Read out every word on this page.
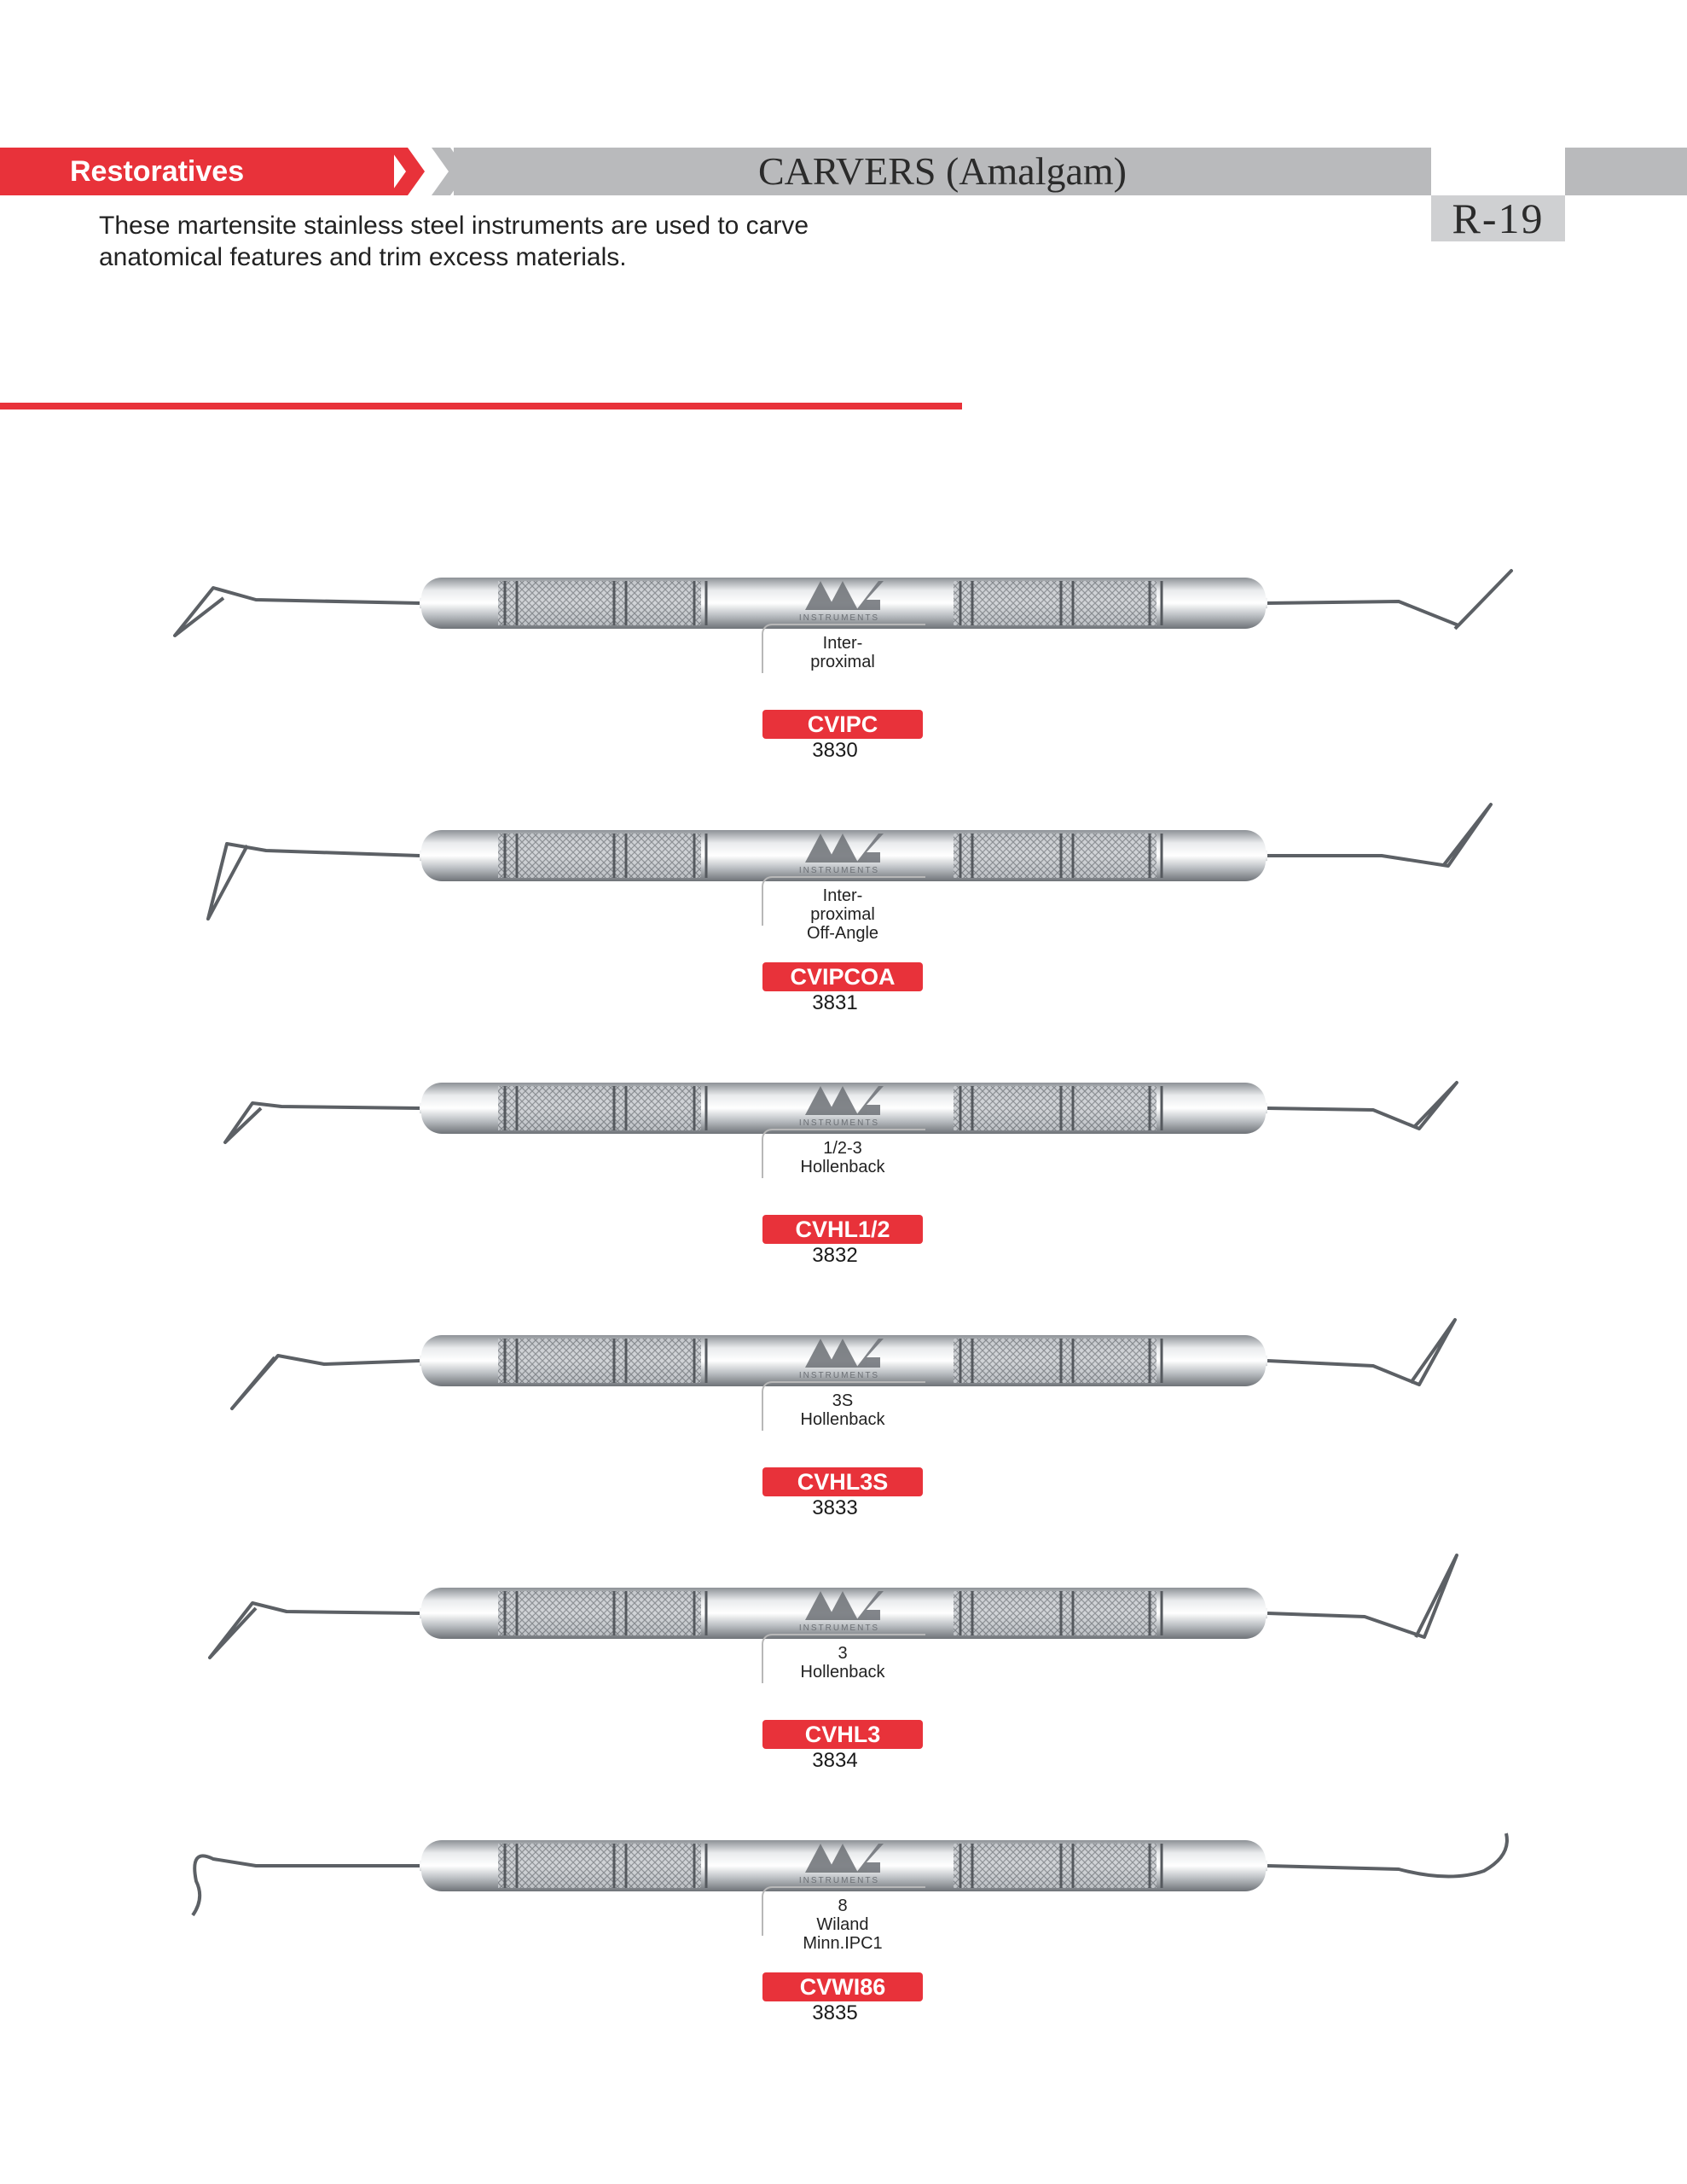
Restoratives	CARVERS (Amalgam)
R-19
These martensite stainless steel instruments are used to carve
anatomical features and trim excess materials.
INSTRUMENTS
Inter-
proximal
CVIPC
3830
INSTRUMENTS
Inter-
proximal
Off-Angle
CVIPCOA
3831
INSTRUMENTS
1/2-3
Hollenback
CVHL1/2
3832
INSTRUMENTS
3S
Hollenback
CVHL3S
3833
INSTRUMENTS
3
Hollenback
CVHL3
3834
INSTRUMENTS
8
Wiland
Minn.IPC1
CVWI86
3835
